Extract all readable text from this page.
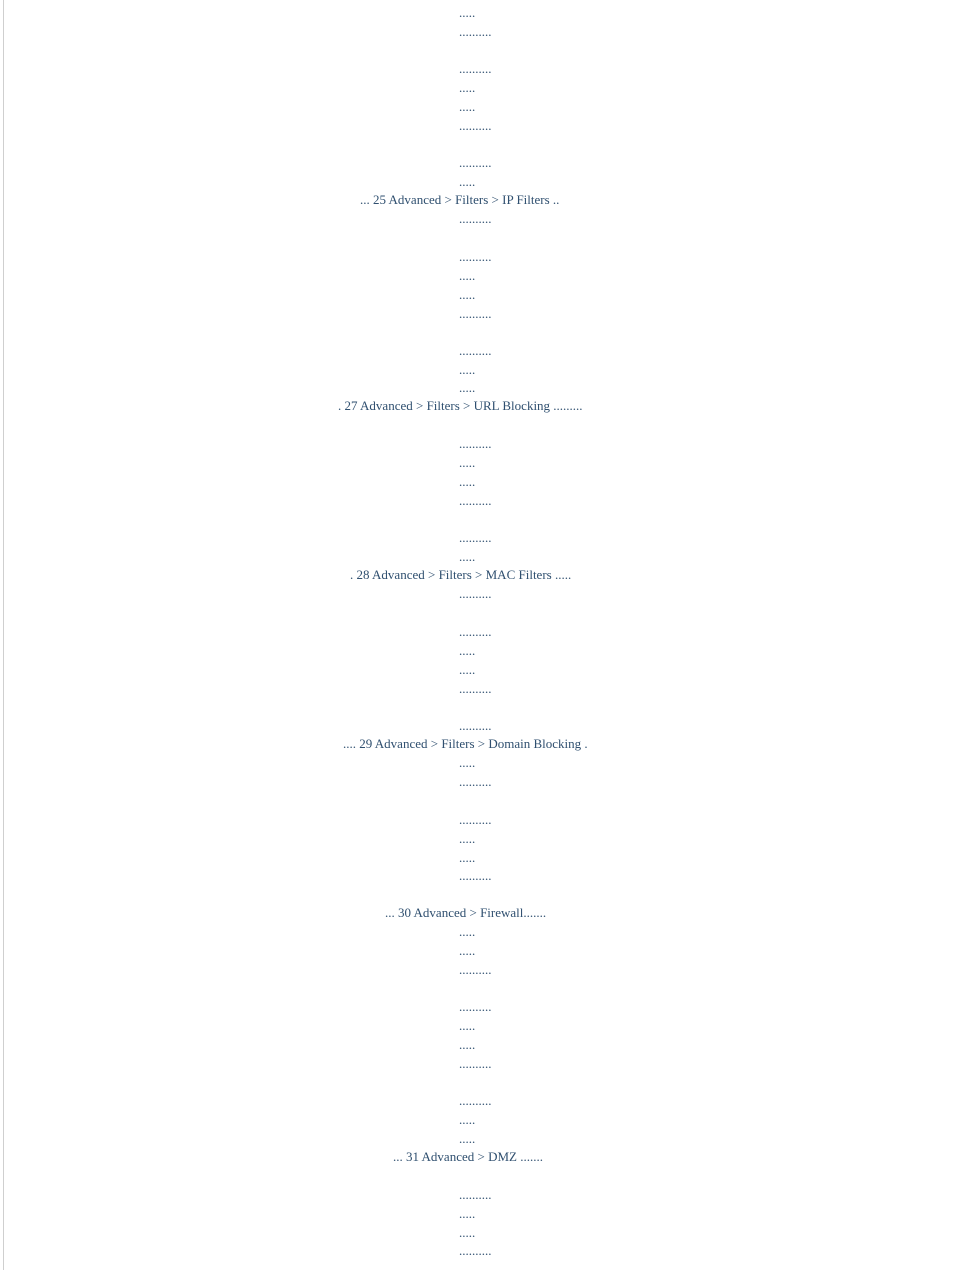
.....
..........
..........
.....
.....
..........
..........
.....
... 25 Advanced > Filters > IP Filters ..
..........
..........
.....
.....
..........
..........
.....
.....
. 27 Advanced > Filters > URL Blocking .........
..........
.....
.....
..........
..........
.....
. 28 Advanced > Filters > MAC Filters .....
..........
..........
.....
.....
..........
..........
.... 29 Advanced > Filters > Domain Blocking .
.....
..........
..........
.....
.....
..........
... 30 Advanced > Firewall.......
.....
.....
..........
..........
.....
.....
..........
..........
.....
.....
... 31 Advanced > DMZ .......
..........
.....
.....
..........
